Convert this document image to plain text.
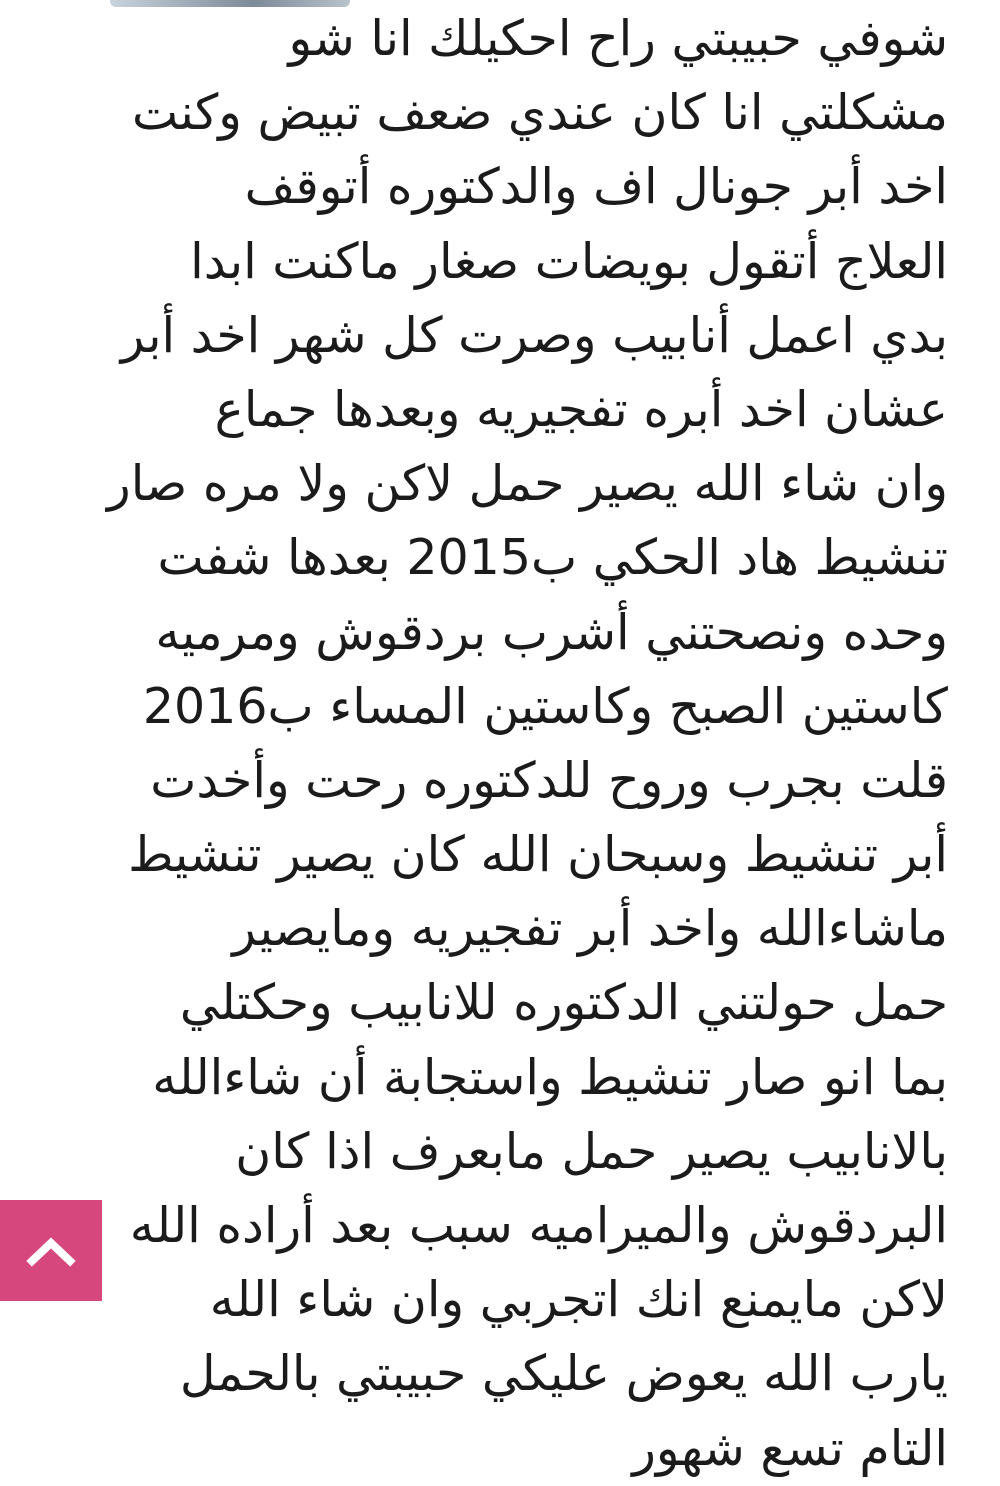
شوفي حبيبتي راح احكيلك انا شو
مشكلتي انا كان عندي ضعف تبيض وكنت
اخد أبر جونال اف والدكتوره أتوقف
العلاج أتقول بويضات صغار ماكنت ابدا
بدي اعمل أنابيب وصرت كل شهر اخد أبر
عشان اخد أبره تفجيريه وبعدها جماع
وان شاء الله يصير حمل لاكن ولا مره صار
تنشيط هاد الحكي ب2015 بعدها شفت
وحده ونصحتني أشرب بردقوش ومرميه
كاستين الصبح وكاستين المساء ب2016
قلت بجرب وروح للدكتوره رحت وأخدت
أبر تنشيط وسبحان الله كان يصير تنشيط
ماشاءالله واخد أبر تفجيريه ومايصير
حمل حولتني الدكتوره للانابيب وحكتلي
بما انو صار تنشيط واستجابة أن شاءالله
بالانابيب يصير حمل مابعرف اذا كان
البردقوش والميراميه سبب بعد أراده الله
لاكن مايمنع انك اتجربي وان شاء الله
يارب الله يعوض عليكي حبيبتي بالحمل
التام تسع شهور
